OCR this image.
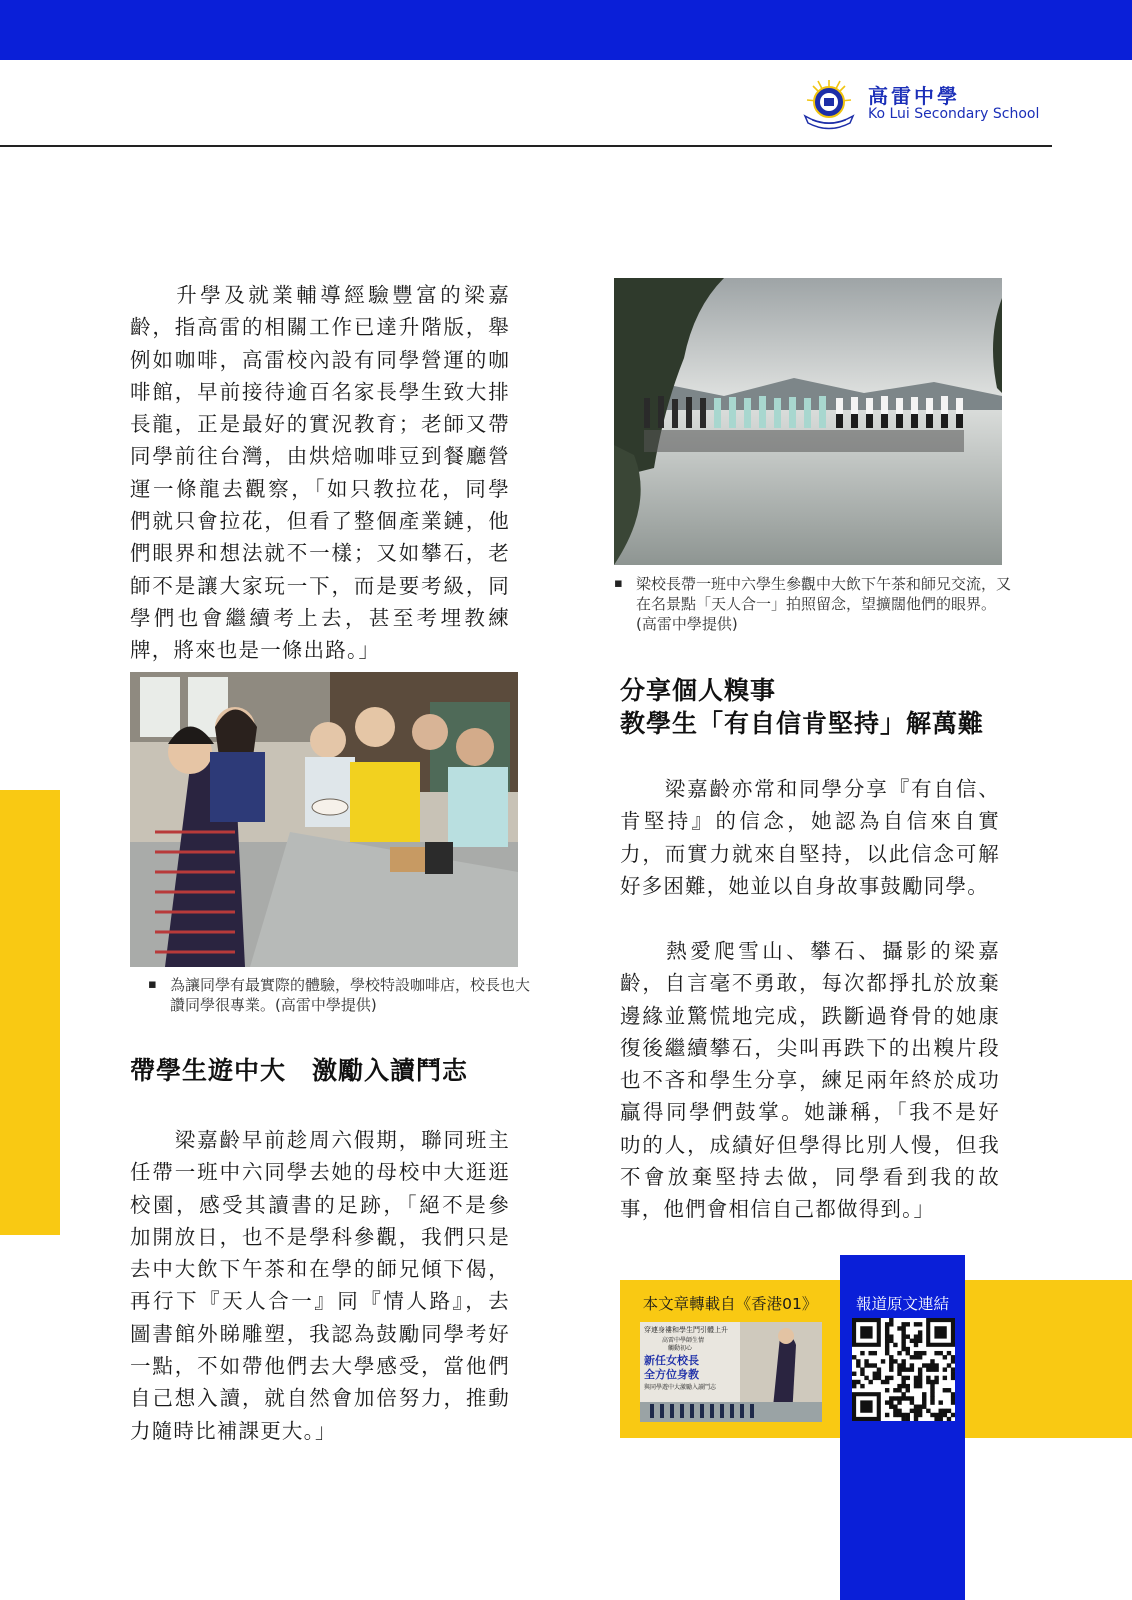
高雷中學
Ko Lui Secondary School

升學及就業輔導經驗豐富的梁嘉齡，指高雷的相關工作已達升階版，舉例如咖啡，高雷校內設有同學營運的咖啡館，早前接待逾百名家長學生致大排長龍，正是最好的實況教育；老師又帶同學前往台灣，由烘焙咖啡豆到餐廳營運一條龍去觀察，「如只教拉花，同學們就只會拉花，但看了整個產業鏈，他們眼界和想法就不一樣；又如攀石，老師不是讓大家玩一下，而是要考級，同學們也會繼續考上去，甚至考埋教練牌，將來也是一條出路。」

▪ 為讓同學有最實際的體驗，學校特設咖啡店，校長也大讚同學很專業。(高雷中學提供)

帶學生遊中大　激勵入讀鬥志

梁嘉齡早前趁周六假期，聯同班主任帶一班中六同學去她的母校中大逛逛校園，感受其讀書的足跡，「絕不是參加開放日，也不是學科參觀，我們只是去中大飲下午茶和在學的師兄傾下偈，再行下『天人合一』同『情人路』，去圖書館外睇雕塑，我認為鼓勵同學考好一點，不如帶他們去大學感受，當他們自己想入讀，就自然會加倍努力，推動力隨時比補課更大。」

▪ 梁校長帶一班中六學生參觀中大飲下午茶和師兄交流，又在名景點「天人合一」拍照留念，望擴闊他們的眼界。(高雷中學提供)

分享個人糗事
教學生「有自信肯堅持」解萬難

梁嘉齡亦常和同學分享『有自信、肯堅持』的信念，她認為自信來自實力，而實力就來自堅持，以此信念可解好多困難，她並以自身故事鼓勵同學。

熱愛爬雪山、攀石、攝影的梁嘉齡，自言毫不勇敢，每次都掙扎於放棄邊緣並驚慌地完成，跌斷過脊骨的她康復後繼續攀石，尖叫再跌下的出糗片段也不吝和學生分享，練足兩年終於成功贏得同學們鼓掌。她謙稱，「我不是好叻的人，成績好但學得比別人慢，但我不會放棄堅持去做，同學看到我的故事，他們會相信自己都做得到。」

本文章轉載自《香港01》
穿連身褸和學生鬥引體上升
高雷中學師生情
觸動初心
新任女校長
全方位身教
與同學遊中大激勵入讀鬥志
報道原文連結
